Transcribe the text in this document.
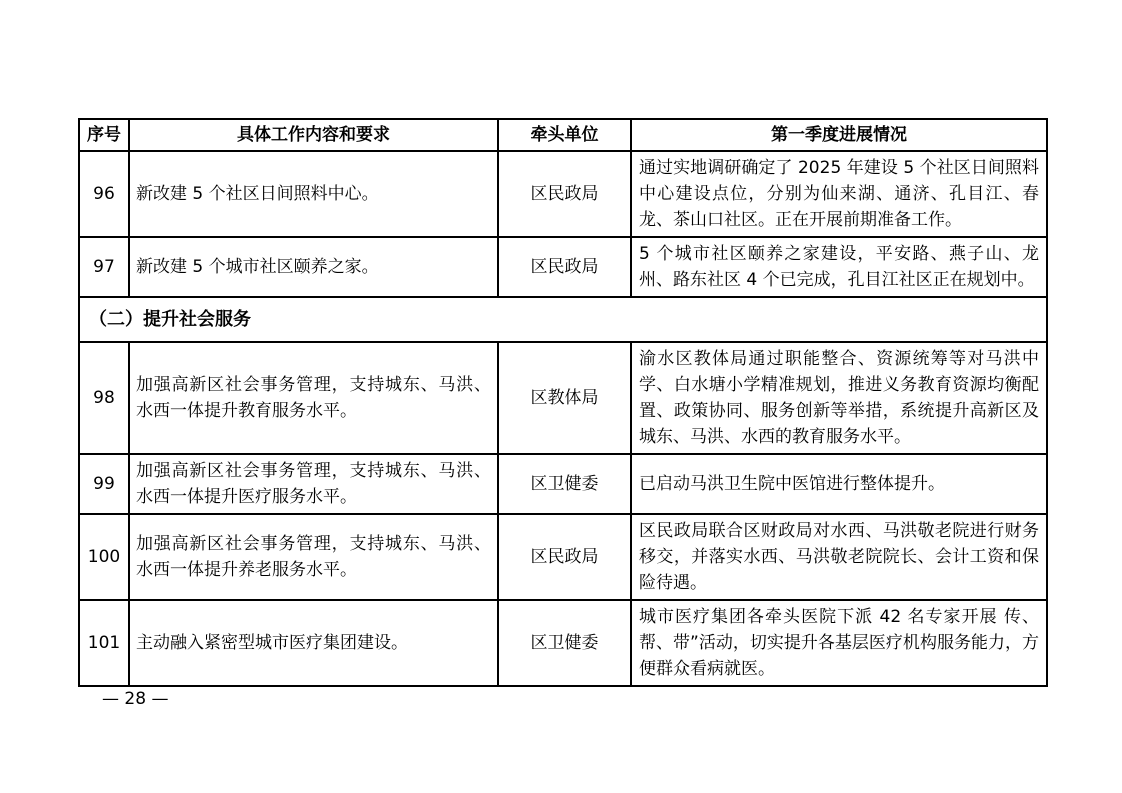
序号	具体工作内容和要求	牵头单位	第一季度进展情况
96	新改建 5 个社区日间照料中心。	区民政局	通过实地调研确定了 2025 年建设 5 个社区日间照料中心建设点位，分别为仙来湖、通济、孔目江、春龙、茶山口社区。正在开展前期准备工作。
97	新改建 5 个城市社区颐养之家。	区民政局	5 个城市社区颐养之家建设，平安路、燕子山、龙州、路东社区 4 个已完成，孔目江社区正在规划中。
（二）提升社会服务			
98	加强高新区社会事务管理，支持城东、马洪、水西一体提升教育服务水平。	区教体局	渝水区教体局通过职能整合、资源统筹等对马洪中学、白水塘小学精准规划，推进义务教育资源均衡配置、政策协同、服务创新等举措，系统提升高新区及城东、马洪、水西的教育服务水平。
99	加强高新区社会事务管理，支持城东、马洪、水西一体提升医疗服务水平。	区卫健委	已启动马洪卫生院中医馆进行整体提升。
100	加强高新区社会事务管理，支持城东、马洪、水西一体提升养老服务水平。	区民政局	区民政局联合区财政局对水西、马洪敬老院进行财务移交，并落实水西、马洪敬老院院长、会计工资和保险待遇。
101	主动融入紧密型城市医疗集团建设。	区卫健委	城市医疗集团各牵头医院下派 42 名专家开展 传、帮、带”活动，切实提升各基层医疗机构服务能力，方便群众看病就医。
— 28 —
